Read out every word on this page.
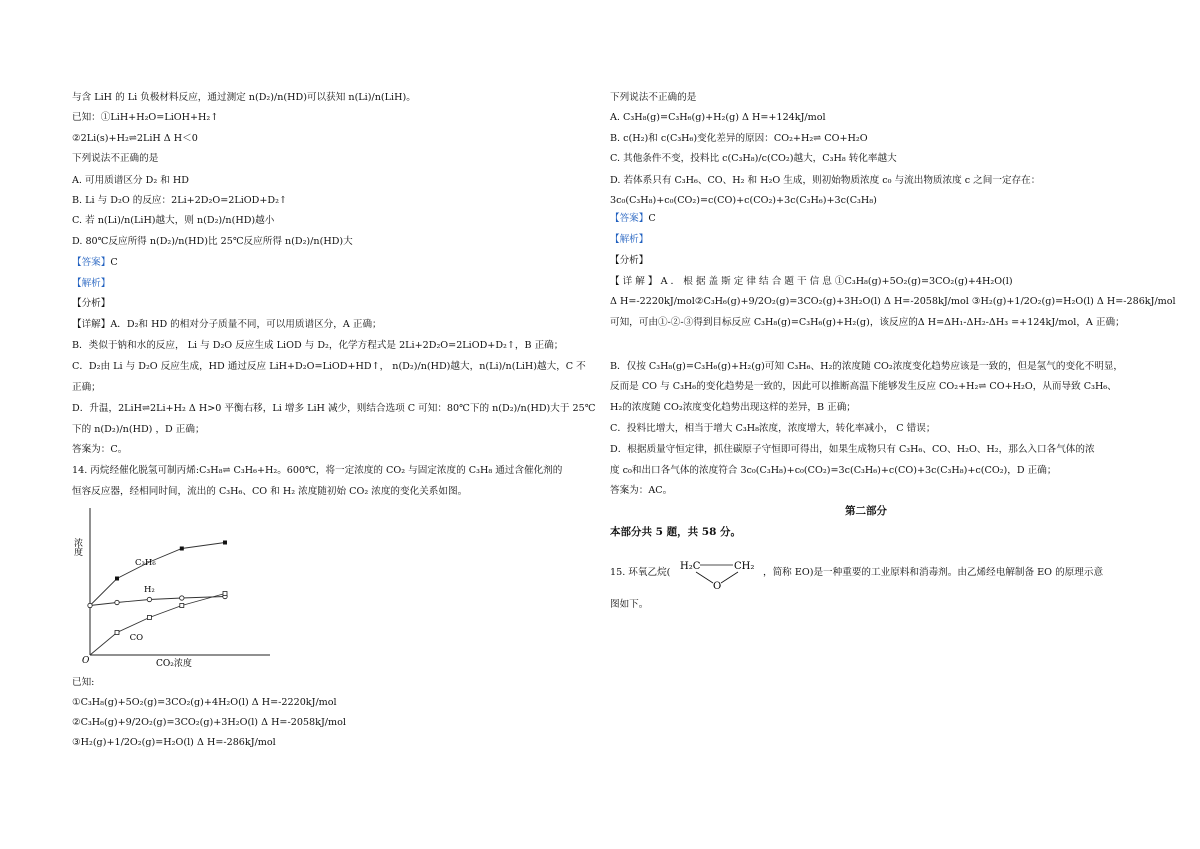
与含 LiH 的 Li 负极材料反应，通过测定 n(D₂)/n(HD)可以获知 n(Li)/n(LiH)。
已知：①LiH+H₂O=LiOH+H₂↑
②2Li(s)+H₂⇌2LiH Δ H＜0
下列说法不正确的是
A. 可用质谱区分 D₂ 和 HD
B. Li 与 D₂O 的反应：2Li+2D₂O=2LiOD+D₂↑
C. 若 n(Li)/n(LiH)越大，则 n(D₂)/n(HD)越小
D. 80℃反应所得 n(D₂)/n(HD)比 25℃反应所得 n(D₂)/n(HD)大
【答案】C
【解析】
【分析】
【详解】A．D₂和 HD 的相对分子质量不同，可以用质谱区分，A 正确；
B．类似于钠和水的反应， Li 与 D₂O 反应生成 LiOD 与 D₂，化学方程式是 2Li+2D₂O=2LiOD+D₂↑，B 正确；
C．D₂由 Li 与 D₂O 反应生成，HD 通过反应 LiH+D₂O=LiOD+HD↑， n(D₂)/n(HD)越大，n(Li)/n(LiH)越大，C 不
正确；
D．升温，2LiH⇌2Li+H₂ Δ H>0 平衡右移，Li 增多 LiH 减少，则结合选项 C 可知：80℃下的 n(D₂)/n(HD)大于 25℃
下的 n(D₂)/n(HD) ，D 正确；
答案为：C。
14. 丙烷经催化脱氢可制丙烯:C₃H₈⇌ C₃H₆+H₂。600℃，将一定浓度的 CO₂ 与固定浓度的 C₃H₈ 通过含催化剂的
恒容反应器，经相同时间，流出的 C₃H₆、CO 和 H₂ 浓度随初始 CO₂ 浓度的变化关系如图。
浓度
CO₂浓度
O
C₃H₆
H₂
CO
已知:
①C₃H₈(g)+5O₂(g)=3CO₂(g)+4H₂O(l) Δ H=-2220kJ/mol
②C₃H₆(g)+9/2O₂(g)=3CO₂(g)+3H₂O(l) Δ H=-2058kJ/mol
③H₂(g)+1/2O₂(g)=H₂O(l) Δ H=-286kJ/mol
下列说法不正确的是
A. C₃H₈(g)=C₃H₆(g)+H₂(g) Δ H=+124kJ/mol
B. c(H₂)和 c(C₃H₆)变化差异的原因：CO₂+H₂⇌ CO+H₂O
C. 其他条件不变，投料比 c(C₃H₈)/c(CO₂)越大，C₃H₈ 转化率越大
D. 若体系只有 C₃H₆、CO、H₂ 和 H₂O 生成，则初始物质浓度 c₀ 与流出物质浓度 c 之间一定存在：
3c₀(C₃H₈)+c₀(CO₂)=c(CO)+c(CO₂)+3c(C₃H₆)+3c(C₃H₈)
【答案】C
【解析】
【分析】
【 详 解 】 A ． 根 据 盖 斯 定 律 结 合 题 干 信 息 ①C₃H₈(g)+5O₂(g)=3CO₂(g)+4H₂O(l)
Δ H=-2220kJ/mol②C₃H₆(g)+9/2O₂(g)=3CO₂(g)+3H₂O(l) Δ H=-2058kJ/mol ③H₂(g)+1/2O₂(g)=H₂O(l) Δ H=-286kJ/mol
可知，可由①-②-③得到目标反应 C₃H₈(g)=C₃H₆(g)+H₂(g)，该反应的Δ H=ΔH₁-ΔH₂-ΔH₃ =+124kJ/mol，A 正确；
B．仅按 C₃H₈(g)=C₃H₆(g)+H₂(g)可知 C₃H₆、H₂的浓度随 CO₂浓度变化趋势应该是一致的，但是氢气的变化不明显，
反而是 CO 与 C₃H₆的变化趋势是一致的，因此可以推断高温下能够发生反应 CO₂+H₂⇌ CO+H₂O，从而导致 C₃H₆、
H₂的浓度随 CO₂浓度变化趋势出现这样的差异，B 正确；
C．投料比增大，相当于增大 C₃H₈浓度，浓度增大，转化率减小， C 错误；
D．根据质量守恒定律，抓住碳原子守恒即可得出，如果生成物只有 C₃H₆、CO、H₂O、H₂，那么入口各气体的浓
度 c₀和出口各气体的浓度符合 3c₀(C₃H₈)+c₀(CO₂)=3c(C₃H₆)+c(CO)+3c(C₃H₈)+c(CO₂)，D 正确；
答案为：AC。
第二部分
本部分共 5 题，共 58 分。
15. 环氧乙烷(
H₂C	CH₂
O
，简称 EO)是一种重要的工业原料和消毒剂。由乙烯经电解制备 EO 的原理示意
图如下。
